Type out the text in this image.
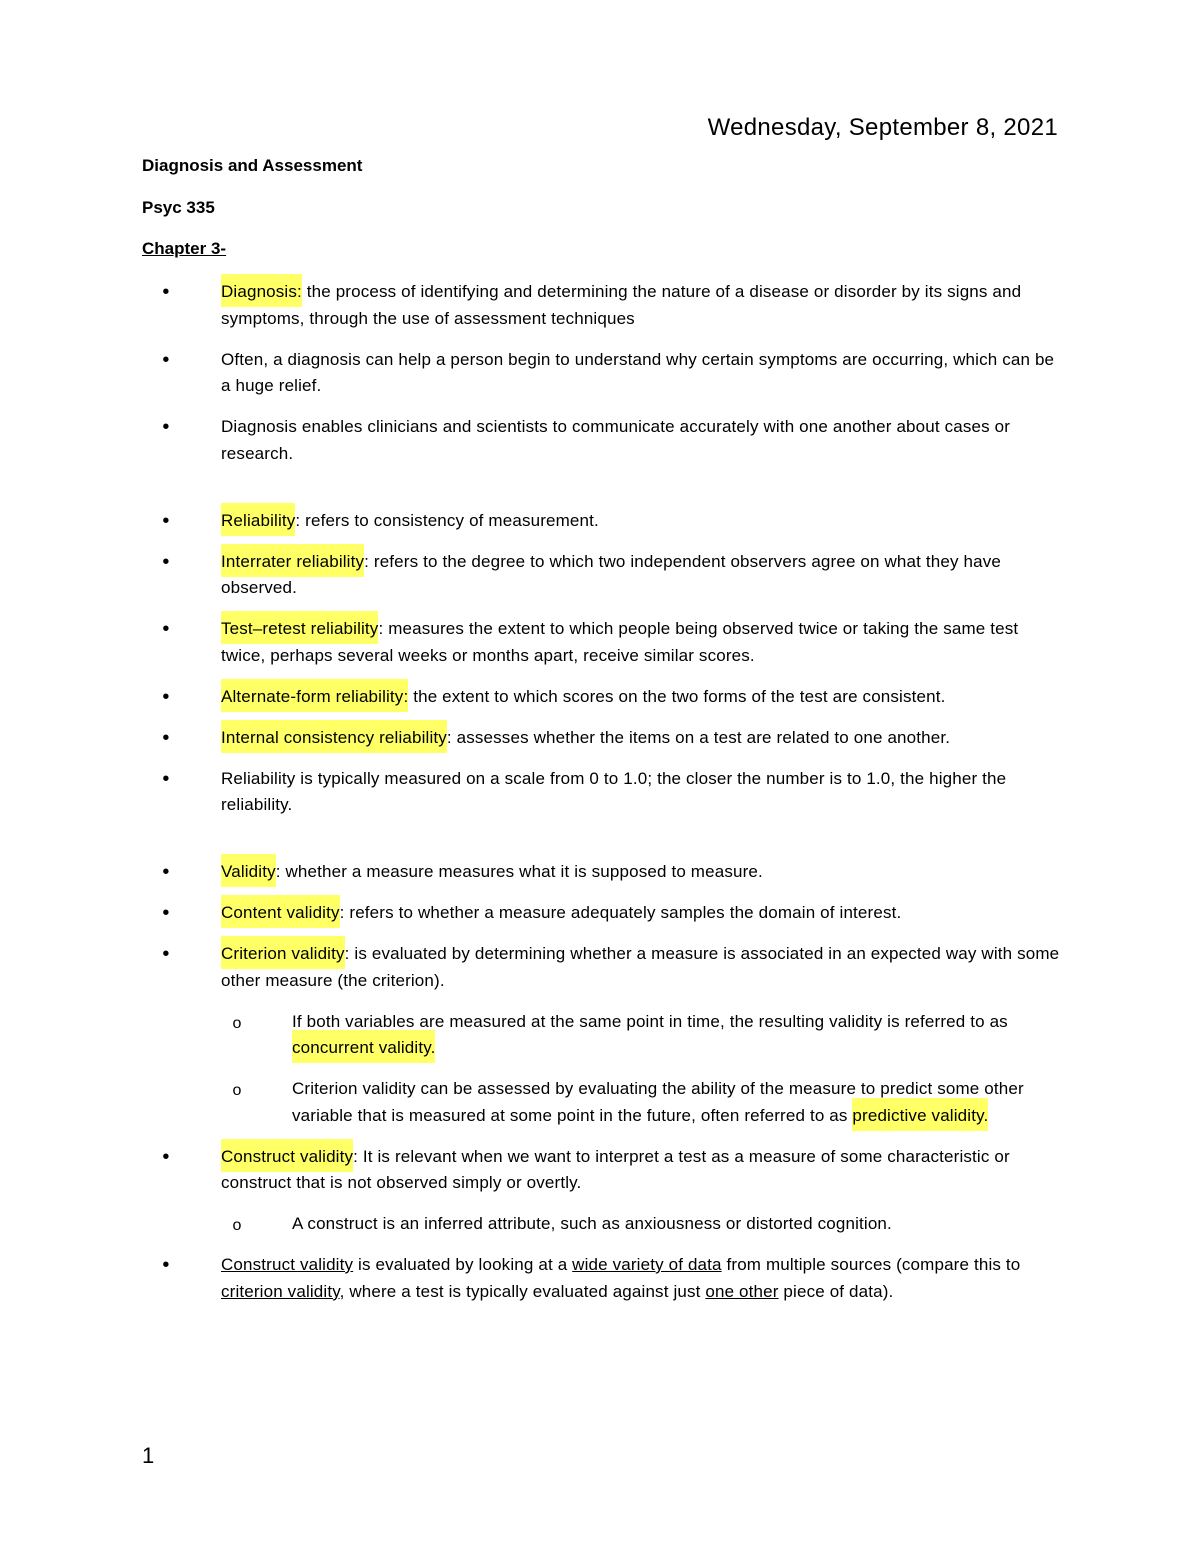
Wednesday, September 8, 2021
Diagnosis and Assessment
Psyc 335
Chapter 3-
•	Diagnosis: the process of identifying and determining the nature of a disease or disorder by its signs and symptoms, through the use of assessment techniques
•	Often, a diagnosis can help a person begin to understand why certain symptoms are occurring, which can be a huge relief.
•	Diagnosis enables clinicians and scientists to communicate accurately with one another about cases or research.
•	Reliability: refers to consistency of measurement.
•	Interrater reliability: refers to the degree to which two independent observers agree on what they have observed.
•	Test–retest reliability: measures the extent to which people being observed twice or taking the same test twice, perhaps several weeks or months apart, receive similar scores.
•	Alternate-form reliability: the extent to which scores on the two forms of the test are consistent.
•	Internal consistency reliability: assesses whether the items on a test are related to one another.
•	Reliability is typically measured on a scale from 0 to 1.0; the closer the number is to 1.0, the higher the reliability.
•	Validity: whether a measure measures what it is supposed to measure.
•	Content validity: refers to whether a measure adequately samples the domain of interest.
•	Criterion validity: is evaluated by determining whether a measure is associated in an expected way with some other measure (the criterion).
o	If both variables are measured at the same point in time, the resulting validity is referred to as concurrent validity.
o	Criterion validity can be assessed by evaluating the ability of the measure to predict some other variable that is measured at some point in the future, often referred to as predictive validity.
•	Construct validity: It is relevant when we want to interpret a test as a measure of some characteristic or construct that is not observed simply or overtly.
o	A construct is an inferred attribute, such as anxiousness or distorted cognition.
•	Construct validity is evaluated by looking at a wide variety of data from multiple sources (compare this to criterion validity, where a test is typically evaluated against just one other piece of data).
1
